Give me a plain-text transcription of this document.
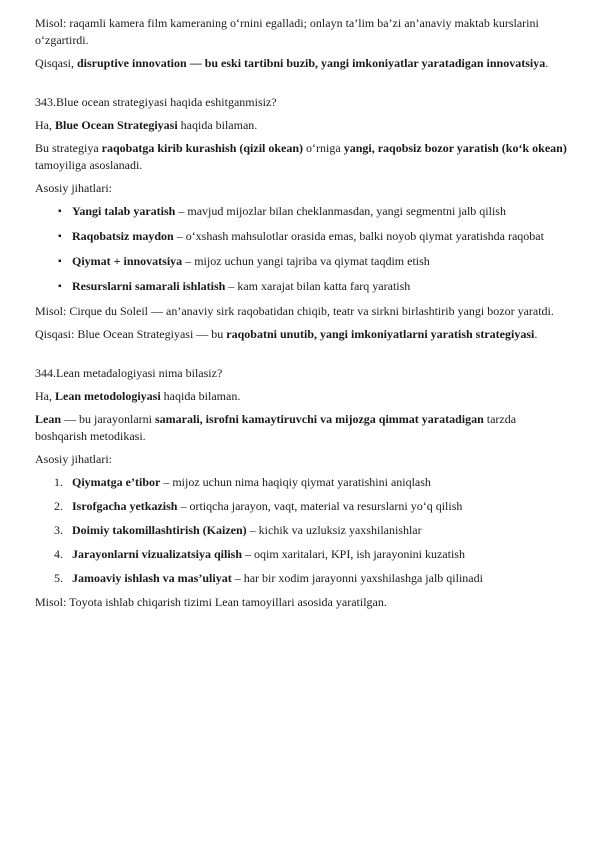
Misol: raqamli kamera film kameraning o‘rnini egalladi; onlayn ta’lim ba’zi an’anaviy maktab kurslarini o‘zgartirdi.

Qisqasi, disruptive innovation — bu eski tartibni buzib, yangi imkoniyatlar yaratadigan innovatsiya.

343.Blue ocean strategiyasi haqida eshitganmisiz?

Ha, Blue Ocean Strategiyasi haqida bilaman.

Bu strategiya raqobatga kirib kurashish (qizil okean) o‘rniga yangi, raqobsiz bozor yaratish (ko‘k okean) tamoyiliga asoslanadi.

Asosiy jihatlari:

▪ Yangi talab yaratish – mavjud mijozlar bilan cheklanmasdan, yangi segmentni jalb qilish
▪ Raqobatsiz maydon – o‘xshash mahsulotlar orasida emas, balki noyob qiymat yaratishda raqobat
▪ Qiymat + innovatsiya – mijoz uchun yangi tajriba va qiymat taqdim etish
▪ Resurslarni samarali ishlatish – kam xarajat bilan katta farq yaratish

Misol: Cirque du Soleil — an’anaviy sirk raqobatidan chiqib, teatr va sirkni birlashtirib yangi bozor yaratdi.

Qisqasi: Blue Ocean Strategiyasi — bu raqobatni unutib, yangi imkoniyatlarni yaratish strategiyasi.

344.Lean metadalogiyasi nima bilasiz?

Ha, Lean metodologiyasi haqida bilaman.

Lean — bu jarayonlarni samarali, isrofni kamaytiruvchi va mijozga qimmat yaratadigan tarzda boshqarish metodikasi.

Asosiy jihatlari:

1. Qiymatga e’tibor – mijoz uchun nima haqiqiy qiymat yaratishini aniqlash
2. Isrofgacha yetkazish – ortiqcha jarayon, vaqt, material va resurslarni yo‘q qilish
3. Doimiy takomillashtirish (Kaizen) – kichik va uzluksiz yaxshilanishlar
4. Jarayonlarni vizualizatsiya qilish – oqim xaritalari, KPI, ish jarayonini kuzatish
5. Jamoaviy ishlash va mas’uliyat – har bir xodim jarayonni yaxshilashga jalb qilinadi

Misol: Toyota ishlab chiqarish tizimi Lean tamoyillari asosida yaratilgan.
